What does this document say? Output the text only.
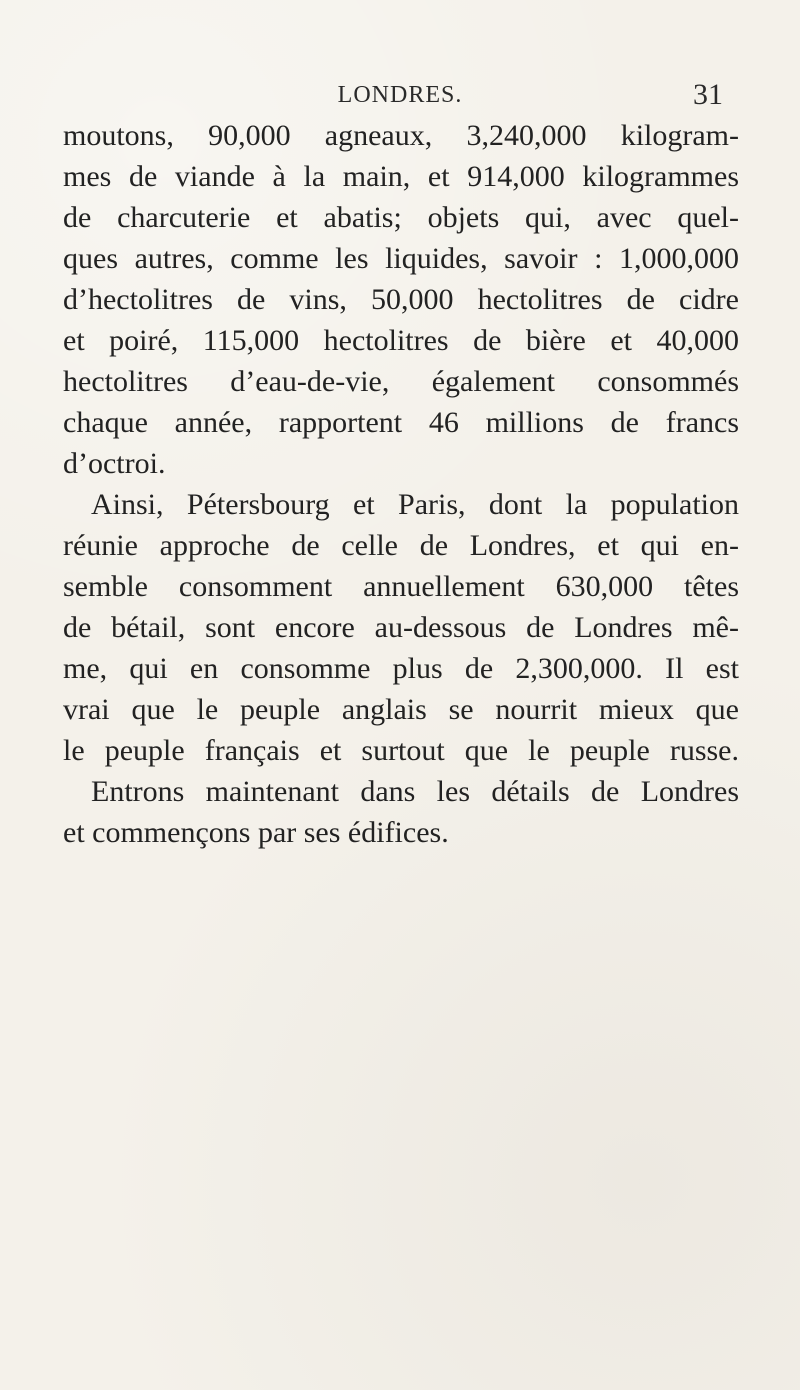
LONDRES.	31
moutons, 90,000 agneaux, 3,240,000 kilogram-
mes de viande à la main, et 914,000 kilogrammes
de charcuterie et abatis; objets qui, avec quel-
ques autres, comme les liquides, savoir : 1,000,000
d’hectolitres de vins, 50,000 hectolitres de cidre
et poiré, 115,000 hectolitres de bière et 40,000
hectolitres d’eau-de-vie, également consommés
chaque année, rapportent 46 millions de francs
d’octroi.
Ainsi, Pétersbourg et Paris, dont la population
réunie approche de celle de Londres, et qui en-
semble consomment annuellement 630,000 têtes
de bétail, sont encore au-dessous de Londres mê-
me, qui en consomme plus de 2,300,000. Il est
vrai que le peuple anglais se nourrit mieux que
le peuple français et surtout que le peuple russe.
Entrons maintenant dans les détails de Londres
et commençons par ses édifices.
